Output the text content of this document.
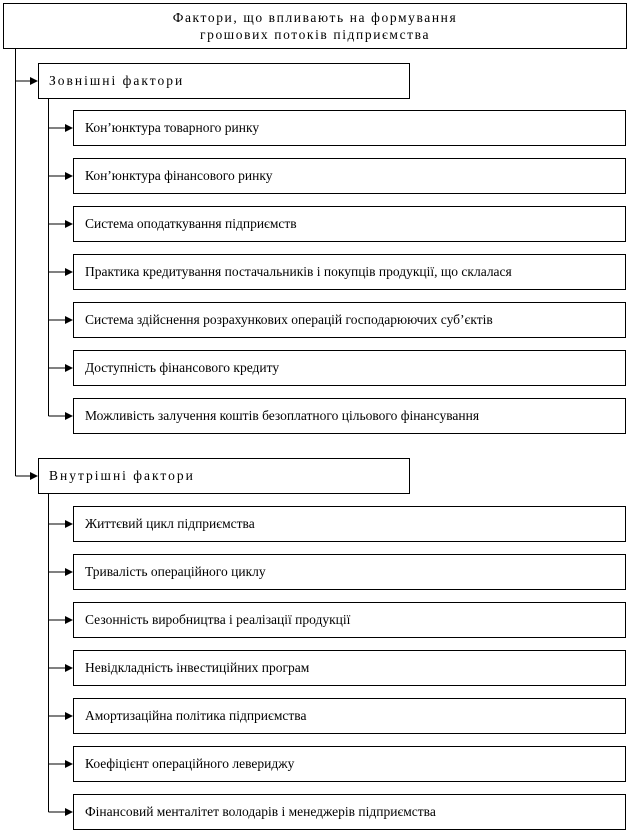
Фактори, що впливають на формування
грошових потоків підприємства
Зовнішні фактори
Кон’юнктура товарного ринку
Кон’юнктура фінансового ринку
Система оподаткування підприємств
Практика кредитування постачальників і покупців продукції, що склалася
Система здійснення розрахункових операцій господарюючих суб’єктів
Доступність фінансового кредиту
Можливість залучення коштів безоплатного цільового фінансування
Внутрішні фактори
Життєвий цикл підприємства
Тривалість операційного циклу
Сезонність виробництва і реалізації продукції
Невідкладність інвестиційних програм
Амортизаційна політика підприємства
Коефіцієнт операційного левериджу
Фінансовий менталітет володарів і менеджерів підприємства
